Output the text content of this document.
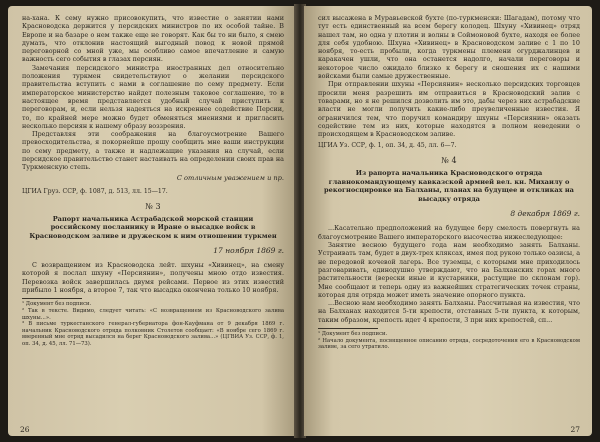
на-хана. К сему нужно присовокупить, что известие о занятии нами Красноводска держится у персидских министров по их особой тайне. В Европе и на базаре о нем также еще не говорят. Как бы то ни было, я смею думать, что отклонив настоящий выгодный повод к новой прямой переговорной со мной уже, мы особливо самое впечатление и самую важность сего события в глазах персиян.

Замечания персидского министра иностранных дел относительно положения туркмен свидетельствуют о желании персидского правительства вступить с нами в соглашение по сему предмету. Если императорское министерство найдет полезным таковое соглашение, то в настоящее время представляется удобный случай приступить к переговорам, и, если нельзя надеяться на искреннее содействие Персии, то, по крайней мере можно будет обменяться мнениями и пригласить несколько персиян к нашему образу воззрения.

Представляя эти соображения на благоусмотрение Вашего превосходительства, я покорнейше прошу сообщить мне ваши инструкции по сему предмету, а также и надлежащие указания на случай, если персидское правительство станет настаивать на определении своих прав на Туркменскую степь.

С отличным уважением и пр.
ЦГИА Груз. ССР, ф. 1087, д. 513, лл. 15—17.
№ 3
Рапорт начальника Астрабадской морской станции российскому посланнику в Иране о высадке войск в Красноводском заливе и дружеском к ним отношении туркмен
17 ноября 1869 г.

С возвращением из Красноводска лейт. шхуны «Хивинец», на смену которой я послал шхуну «Персиянин», получены мною отдо известия. Перевозка войск завершилась двумя рейсами. Первое из этих известий прибыло 1 ноября, а второе 7, так что высадка окончена только 10 ноября.

¹ Документ без подписи.
² Так в тексте. Видимо, следует читать: «С возвращением из Красноводского залива шхуны...».
³ В письме туркестанского генерал-губернатора фон-Кауфмана от 9 декабря 1869 г. начальник Красноводского отряда полковник Столетов сообщает: «В ноябре сего 1869 г. вверенный мне отряд высадился на берег Красноводского залива...» (ЦГВИА Уз. ССР, ф. 1, оп. 34, д. 45, лл. 71—73).
26

сил высажена в Муравьевской бухте (по-туркменски: Шагадам), потому что тут есть единственный на всем берегу колодец. Шхуну «Хивинец» отряд нашел там, но одна у плотин и волны в Соймоновой бухте, находя ее более для себя удобною. Шхуна «Хивинец» в Красноводском заливе с 1 по 10 ноября, то-есть пробыли, когда туркмены племени огурджалинцев и каракачен ушли, что она останется надолго, начали переговоры и некоторое число ожидало близко к берегу и сношения их с нашими войсками были самые дружественные.

При отправлении шхуны «Персиянин» несколько персидских торговцев просили меня разрешить им отправиться в Красноводский залив с товарами, но я не решился дозволить им это, дабы через них астрабадские власти не могли получить какие-либо преувеличенные известия. Я ограничился тем, что поручил командиру шхуны «Персиянин» оказать содействие тем из них, которые находятся в полном неведении о происходящем в Красноводском заливе.

ЦГИА Уз. ССР, ф. 1, оп. 34, д. 45, лл. 6—7.
№ 4
Из рапорта начальника Красноводского отряда главнокомандующему кавказской армией вел. кн. Михаилу о рекогносцировке на Балханы, планах на будущее и откликах на высадку отряда
8 декабря 1869 г.

...Касательно предположений на будущее беру смелость повергнуть на благоусмотрение Вашего императорского высочества нижеследующее:

Занятие весною будущего года нам необходимо занять Балханы. Устраивать там, будет в двух-трех кляксах, имея под рукою только оазисы, а не передовой кочевой лагерь. Все туземцы, с которыми мне приходилось разговаривать, единодушно утверждают, что на Балханских горах много растительности (верески иные и кустарники, растущие по склонам гор). Мне сообщают и теперь одну из важнейших стратегических точек страны, которая для отряда может иметь значение опорного пункта.

...Весною нам необходимо занять Балханы. Рассчитывая на известия, что на Балханах находится 5-ти крепости, отставных 5-ти пункта, к которым, таким образом, крепость идет 4 крепости, 3 при них крепостей, сп...

¹ Документ без подписи.
² Начало документа, посвященное описанию отряда, сосредоточения его в Красноводском заливе, за сего утратило.
27
